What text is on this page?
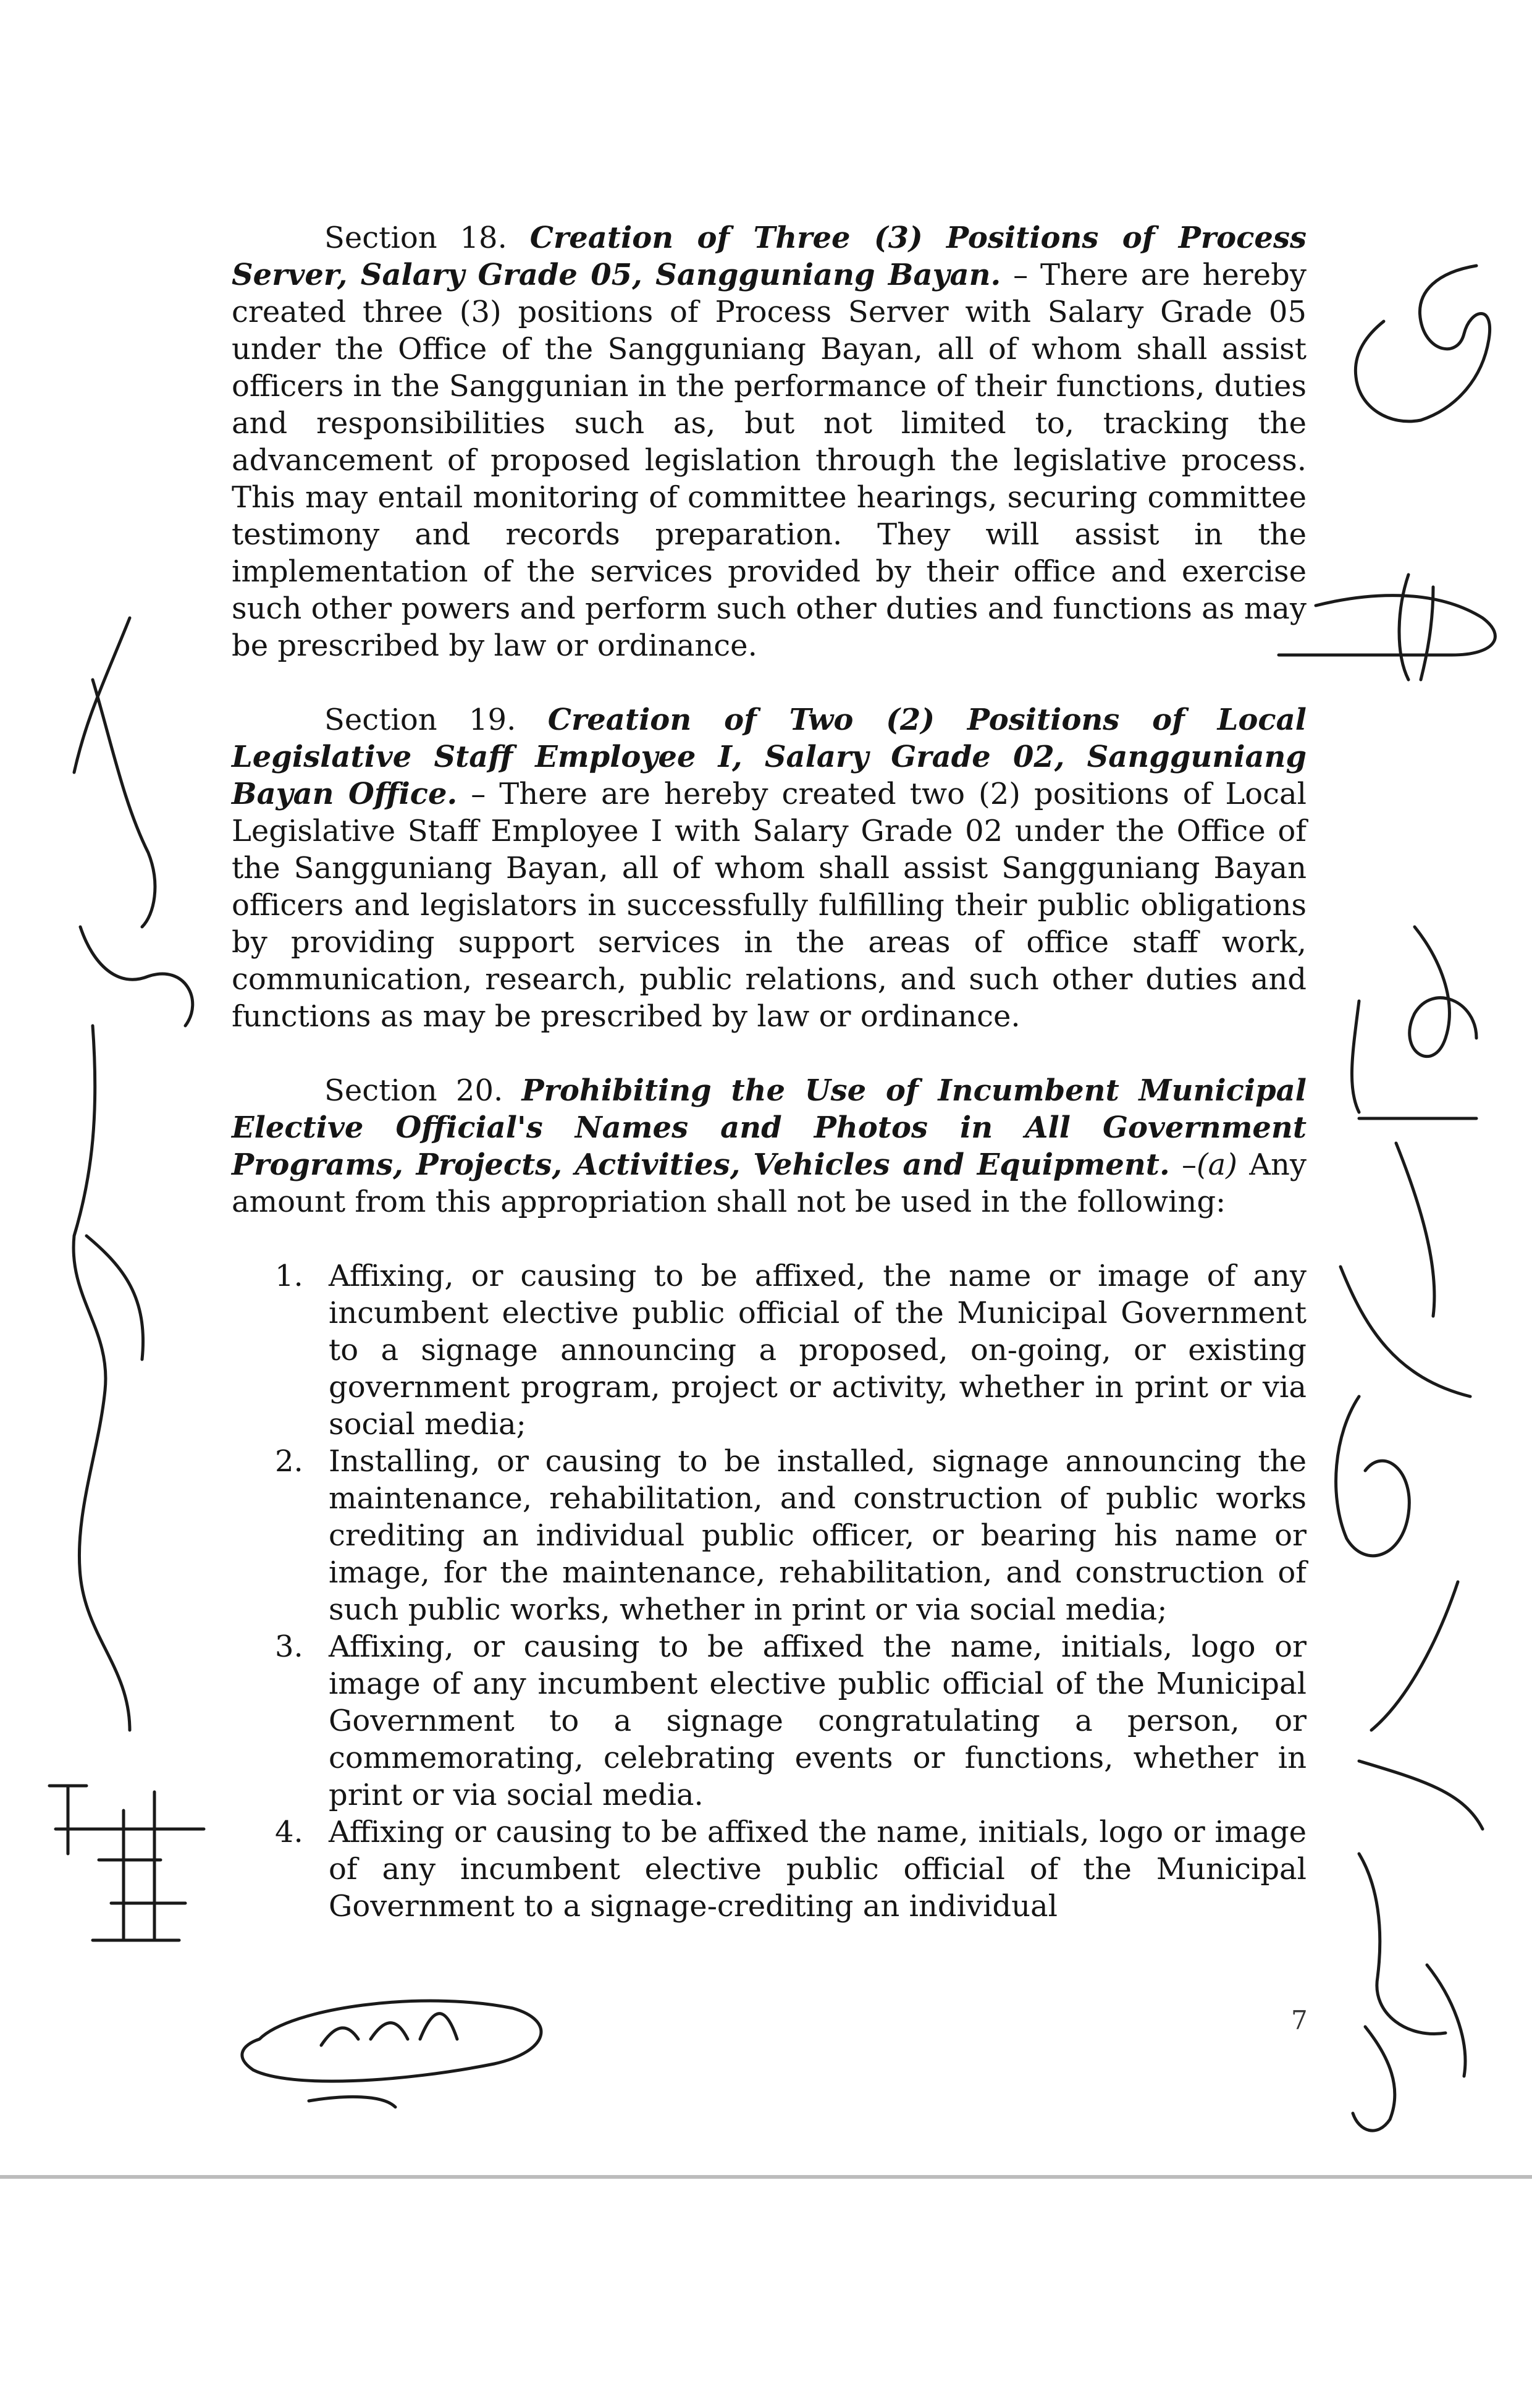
Section 18. Creation of Three (3) Positions of Process Server, Salary Grade 05, Sangguniang Bayan. – There are hereby created three (3) positions of Process Server with Salary Grade 05 under the Office of the Sangguniang Bayan, all of whom shall assist officers in the Sanggunian in the performance of their functions, duties and responsibilities such as, but not limited to, tracking the advancement of proposed legislation through the legislative process. This may entail monitoring of committee hearings, securing committee testimony and records preparation. They will assist in the implementation of the services provided by their office and exercise such other powers and perform such other duties and functions as may be prescribed by law or ordinance.

Section 19. Creation of Two (2) Positions of Local Legislative Staff Employee I, Salary Grade 02, Sangguniang Bayan Office. – There are hereby created two (2) positions of Local Legislative Staff Employee I with Salary Grade 02 under the Office of the Sangguniang Bayan, all of whom shall assist Sangguniang Bayan officers and legislators in successfully fulfilling their public obligations by providing support services in the areas of office staff work, communication, research, public relations, and such other duties and functions as may be prescribed by law or ordinance.

Section 20. Prohibiting the Use of Incumbent Municipal Elective Official's Names and Photos in All Government Programs, Projects, Activities, Vehicles and Equipment. –(a) Any amount from this appropriation shall not be used in the following:

1. Affixing, or causing to be affixed, the name or image of any incumbent elective public official of the Municipal Government to a signage announcing a proposed, on-going, or existing government program, project or activity, whether in print or via social media;
2. Installing, or causing to be installed, signage announcing the maintenance, rehabilitation, and construction of public works crediting an individual public officer, or bearing his name or image, for the maintenance, rehabilitation, and construction of such public works, whether in print or via social media;
3. Affixing, or causing to be affixed the name, initials, logo or image of any incumbent elective public official of the Municipal Government to a signage congratulating a person, or commemorating, celebrating events or functions, whether in print or via social media.
4. Affixing or causing to be affixed the name, initials, logo or image of any incumbent elective public official of the Municipal Government to a signage-crediting an individual
7
